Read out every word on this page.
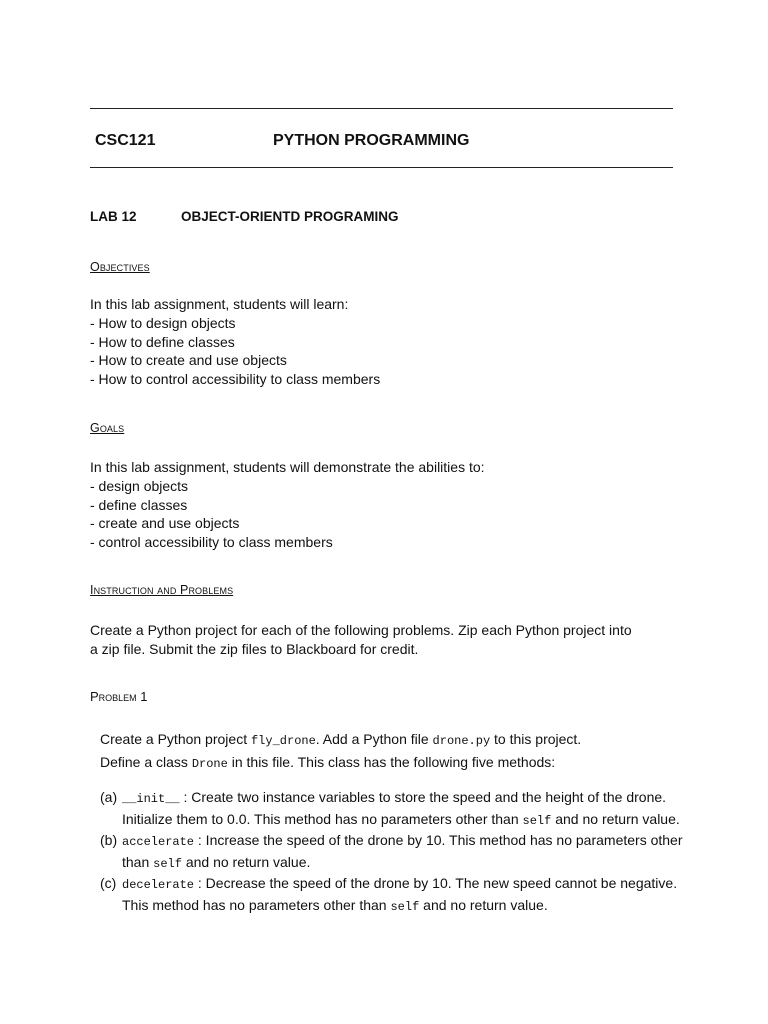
CSC121	PYTHON PROGRAMMING
LAB 12	OBJECT-ORIENTD PROGRAMING
Objectives
In this lab assignment, students will learn:
- How to design objects
- How to define classes
- How to create and use objects
- How to control accessibility to class members
Goals
In this lab assignment, students will demonstrate the abilities to:
- design objects
- define classes
- create and use objects
- control accessibility to class members
Instruction and Problems
Create a Python project for each of the following problems. Zip each Python project into
a zip file. Submit the zip files to Blackboard for credit.
Problem 1
Create a Python project fly_drone. Add a Python file drone.py to this project.
Define a class Drone in this file. This class has the following five methods:
(a) __init__ : Create two instance variables to store the speed and the height of the drone. Initialize them to 0.0. This method has no parameters other than self and no return value.
(b) accelerate : Increase the speed of the drone by 10. This method has no parameters other than self and no return value.
(c) decelerate : Decrease the speed of the drone by 10. The new speed cannot be negative. This method has no parameters other than self and no return value.
